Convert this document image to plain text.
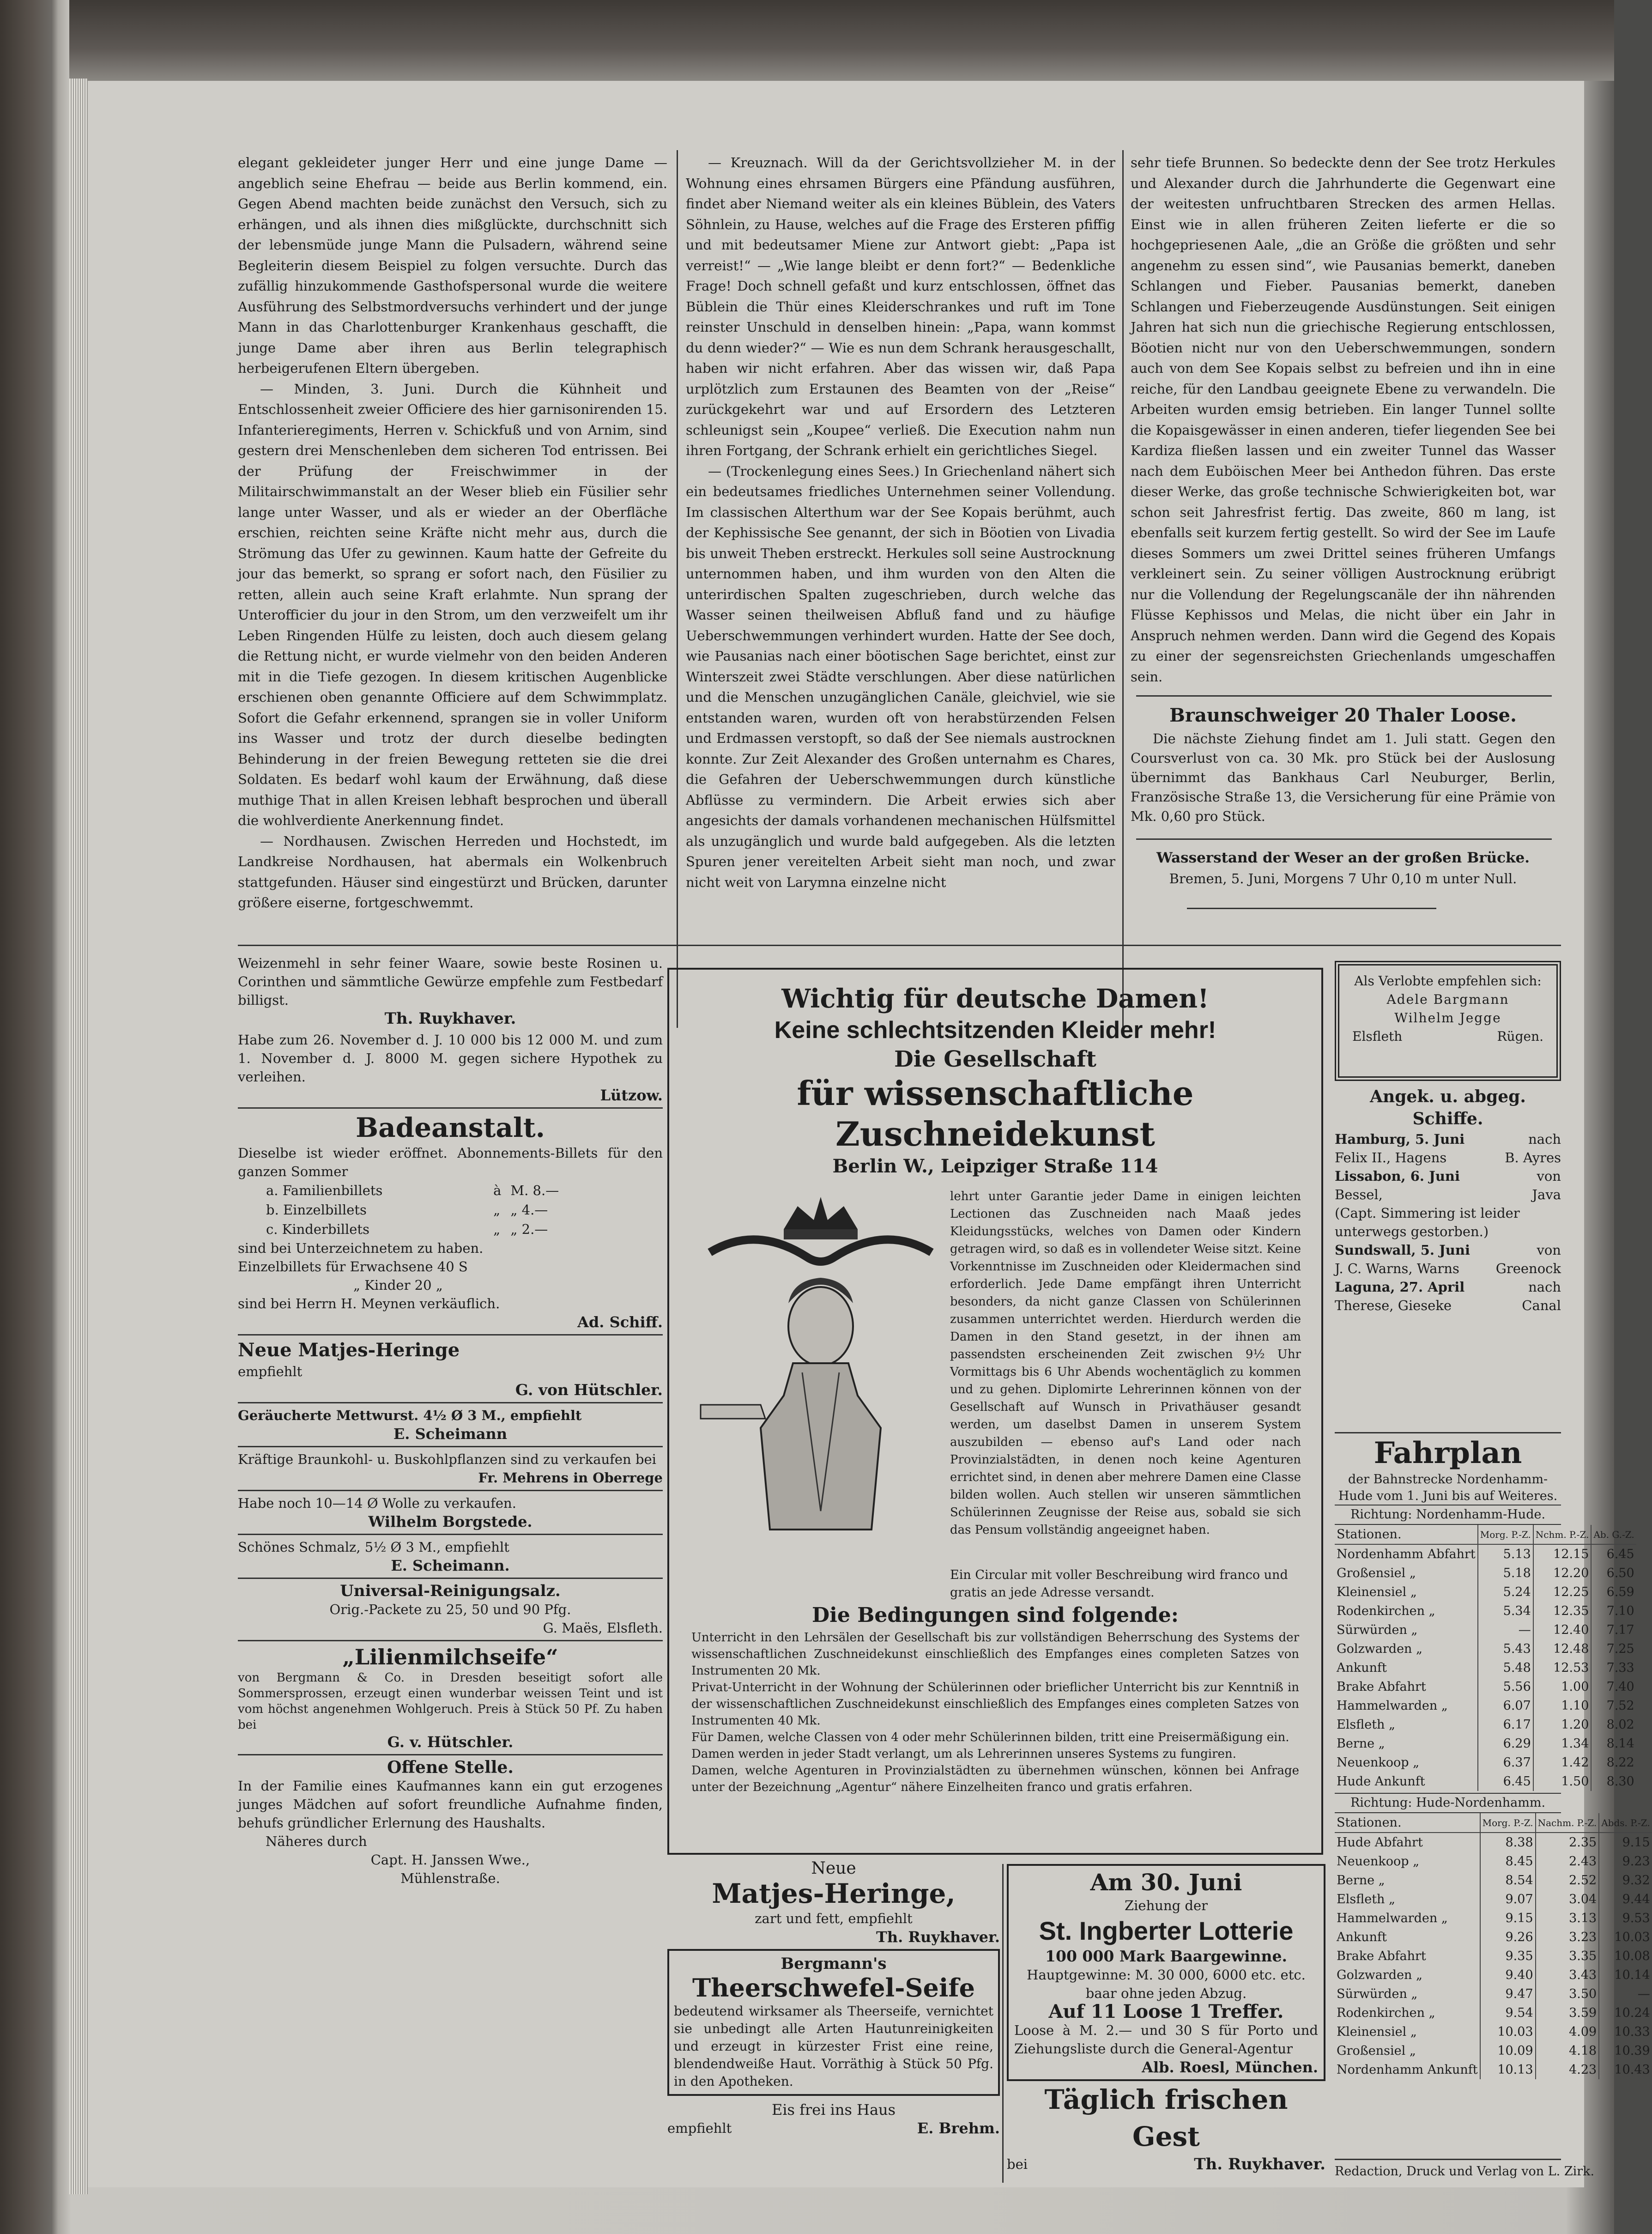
elegant gekleideter junger Herr und eine junge Dame — angeblich seine Ehefrau — beide aus Berlin kommend, ein. Gegen Abend machten beide zunächst den Versuch, sich zu erhängen, und als ihnen dies mißglückte, durchschnitt sich der lebensmüde junge Mann die Pulsadern, während seine Begleiterin diesem Beispiel zu folgen versuchte. Durch das zufällig hinzukommende Gasthofspersonal wurde die weitere Ausführung des Selbstmordversuchs verhindert und der junge Mann in das Charlottenburger Krankenhaus geschafft, die junge Dame aber ihren aus Berlin telegraphisch herbeigerufenen Eltern übergeben.

— Minden, 3. Juni. Durch die Kühnheit und Entschlossenheit zweier Officiere des hier garnisonirenden 15. Infanterieregiments, Herren v. Schickfuß und von Arnim, sind gestern drei Menschenleben dem sicheren Tod entrissen. Bei der Prüfung der Freischwimmer in der Militairschwimmanstalt an der Weser blieb ein Füsilier sehr lange unter Wasser, und als er wieder an der Oberfläche erschien, reichten seine Kräfte nicht mehr aus, durch die Strömung das Ufer zu gewinnen. Kaum hatte der Gefreite du jour das bemerkt, so sprang er sofort nach, den Füsilier zu retten, allein auch seine Kraft erlahmte. Nun sprang der Unterofficier du jour in den Strom, um den verzweifelt um ihr Leben Ringenden Hülfe zu leisten, doch auch diesem gelang die Rettung nicht, er wurde vielmehr von den beiden Anderen mit in die Tiefe gezogen. In diesem kritischen Augenblicke erschienen oben genannte Officiere auf dem Schwimmplatz. Sofort die Gefahr erkennend, sprangen sie in voller Uniform ins Wasser und trotz der durch dieselbe bedingten Behinderung in der freien Bewegung retteten sie die drei Soldaten. Es bedarf wohl kaum der Erwähnung, daß diese muthige That in allen Kreisen lebhaft besprochen und überall die wohlverdiente Anerkennung findet.

— Nordhausen. Zwischen Herreden und Hochstedt, im Landkreise Nordhausen, hat abermals ein Wolkenbruch stattgefunden. Häuser sind eingestürzt und Brücken, darunter größere eiserne, fortgeschwemmt.

— Kreuznach. Will da der Gerichtsvollzieher M. in der Wohnung eines ehrsamen Bürgers eine Pfändung ausführen, findet aber Niemand weiter als ein kleines Büblein, des Vaters Söhnlein, zu Hause, welches auf die Frage des Ersteren pfiffig und mit bedeutsamer Miene zur Antwort giebt: „Papa ist verreist!“ — „Wie lange bleibt er denn fort?“ — Bedenkliche Frage! Doch schnell gefaßt und kurz entschlossen, öffnet das Büblein die Thür eines Kleiderschrankes und ruft im Tone reinster Unschuld in denselben hinein: „Papa, wann kommst du denn wieder?“ — Wie es nun dem Schrank herausgeschallt, haben wir nicht erfahren. Aber das wissen wir, daß Papa urplötzlich zum Erstaunen des Beamten von der „Reise“ zurückgekehrt war und auf Ersordern des Letzteren schleunigst sein „Koupee“ verließ. Die Execution nahm nun ihren Fortgang, der Schrank erhielt ein gerichtliches Siegel.

— (Trockenlegung eines Sees.) In Griechenland nähert sich ein bedeutsames friedliches Unternehmen seiner Vollendung. Im classischen Alterthum war der See Kopais berühmt, auch der Kephissische See genannt, der sich in Böotien von Livadia bis unweit Theben erstreckt. Herkules soll seine Austrocknung unternommen haben, und ihm wurden von den Alten die unterirdischen Spalten zugeschrieben, durch welche das Wasser seinen theilweisen Abfluß fand und zu häufige Ueberschwemmungen verhindert wurden. Hatte der See doch, wie Pausanias nach einer böotischen Sage berichtet, einst zur Winterszeit zwei Städte verschlungen. Aber diese natürlichen und die Menschen unzugänglichen Canäle, gleichviel, wie sie entstanden waren, wurden oft von herabstürzenden Felsen und Erdmassen verstopft, so daß der See niemals austrocknen konnte. Zur Zeit Alexander des Großen unternahm es Chares, die Gefahren der Ueberschwemmungen durch künstliche Abflüsse zu vermindern. Die Arbeit erwies sich aber angesichts der damals vorhandenen mechanischen Hülfsmittel als unzugänglich und wurde bald aufgegeben. Als die letzten Spuren jener vereitelten Arbeit sieht man noch, und zwar nicht weit von Larymna einzelne nicht

sehr tiefe Brunnen. So bedeckte denn der See trotz Herkules und Alexander durch die Jahrhunderte die Gegenwart eine der weitesten unfruchtbaren Strecken des armen Hellas. Einst wie in allen früheren Zeiten lieferte er die so hochgepriesenen Aale, „die an Größe die größten und sehr angenehm zu essen sind“, wie Pausanias bemerkt, daneben Schlangen und Fieber. Pausanias bemerkt, daneben Schlangen und Fieberzeugende Ausdünstungen. Seit einigen Jahren hat sich nun die griechische Regierung entschlossen, Böotien nicht nur von den Ueberschwemmungen, sondern auch von dem See Kopais selbst zu befreien und ihn in eine reiche, für den Landbau geeignete Ebene zu verwandeln. Die Arbeiten wurden emsig betrieben. Ein langer Tunnel sollte die Kopaisgewässer in einen anderen, tiefer liegenden See bei Kardiza fließen lassen und ein zweiter Tunnel das Wasser nach dem Euböischen Meer bei Anthedon führen. Das erste dieser Werke, das große technische Schwierigkeiten bot, war schon seit Jahresfrist fertig. Das zweite, 860 m lang, ist ebenfalls seit kurzem fertig gestellt. So wird der See im Laufe dieses Sommers um zwei Drittel seines früheren Umfangs verkleinert sein. Zu seiner völligen Austrocknung erübrigt nur die Vollendung der Regelungscanäle der ihn nährenden Flüsse Kephissos und Melas, die nicht über ein Jahr in Anspruch nehmen werden. Dann wird die Gegend des Kopais zu einer der segensreichsten Griechenlands umgeschaffen sein.

Braunschweiger 20 Thaler Loose.

Die nächste Ziehung findet am 1. Juli statt. Gegen den Coursverlust von ca. 30 Mk. pro Stück bei der Auslosung übernimmt das Bankhaus Carl Neuburger, Berlin, Französische Straße 13, die Versicherung für eine Prämie von Mk. 0,60 pro Stück.

Wasserstand der Weser an der großen Brücke.
Bremen, 5. Juni, Morgens 7 Uhr 0,10 m unter Null.

Weizenmehl in sehr feiner Waare, sowie beste Rosinen u. Corinthen und sämmtliche Gewürze empfehle zum Festbedarf billigst.

Th. Ruykhaver.

Habe zum 26. November d. J. 10 000 bis 12 000 M. und zum 1. November d. J. 8000 M. gegen sichere Hypothek zu verleihen.

Lützow.
Badeanstalt.

Dieselbe ist wieder eröffnet. Abonnements-Billets für den ganzen Sommer

a. Familienbillets	à	M. 8.—
b. Einzelbillets	„	„ 4.—
c. Kinderbillets	„	„ 2.—
sind bei Unterzeichnetem zu haben.
Einzelbillets für Erwachsene 40 S
„ Kinder 20 „
sind bei Herrn H. Meynen verkäuflich.
Ad. Schiff.
Neue Matjes-Heringe
empfiehlt
G. von Hütschler.
Geräucherte Mettwurst. 4½ Ø 3 M., empfiehlt
E. Scheimann
Kräftige Braunkohl- u. Buskohlpflanzen sind zu verkaufen bei
Fr. Mehrens in Oberrege
Habe noch 10—14 Ø Wolle zu verkaufen.
Wilhelm Borgstede.
Schönes Schmalz, 5½ Ø 3 M., empfiehlt
E. Scheimann.
Universal-Reinigungsalz.
Orig.-Packete zu 25, 50 und 90 Pfg.
G. Maës, Elsfleth.
„Lilienmilchseife“
von Bergmann & Co. in Dresden beseitigt sofort alle Sommersprossen, erzeugt einen wunderbar weissen Teint und ist vom höchst angenehmen Wohlgeruch. Preis à Stück 50 Pf. Zu haben bei
G. v. Hütschler.
Offene Stelle.
In der Familie eines Kaufmannes kann ein gut erzogenes junges Mädchen auf sofort freundliche Aufnahme finden, behufs gründlicher Erlernung des Haushalts.
Näheres durch
Capt. H. Janssen Wwe.,
Mühlenstraße.
Wichtig für deutsche Damen!
Keine schlechtsitzenden Kleider mehr!
Die Gesellschaft
für wissenschaftliche Zuschneidekunst
Berlin W., Leipziger Straße 114
lehrt unter Garantie jeder Dame in einigen leichten Lectionen das Zuschneiden nach Maaß jedes Kleidungsstücks, welches von Damen oder Kindern getragen wird, so daß es in vollendeter Weise sitzt. Keine Vorkenntnisse im Zuschneiden oder Kleidermachen sind erforderlich. Jede Dame empfängt ihren Unterricht besonders, da nicht ganze Classen von Schülerinnen zusammen unterrichtet werden. Hierdurch werden die Damen in den Stand gesetzt, in der ihnen am passendsten erscheinenden Zeit zwischen 9½ Uhr Vormittags bis 6 Uhr Abends wochentäglich zu kommen und zu gehen. Diplomirte Lehrerinnen können von der Gesellschaft auf Wunsch in Privathäuser gesandt werden, um daselbst Damen in unserem System auszubilden — ebenso auf's Land oder nach Provinzialstädten, in denen noch keine Agenturen errichtet sind, in denen aber mehrere Damen eine Classe bilden wollen. Auch stellen wir unseren sämmtlichen Schülerinnen Zeugnisse der Reise aus, sobald sie sich das Pensum vollständig angeeignet haben.
Ein Circular mit voller Beschreibung wird franco und gratis an jede Adresse versandt.
Die Bedingungen sind folgende:
Unterricht in den Lehrsälen der Gesellschaft bis zur vollständigen Beherrschung des Systems der wissenschaftlichen Zuschneidekunst einschließlich des Empfanges eines completen Satzes von Instrumenten 20 Mk.
Privat-Unterricht in der Wohnung der Schülerinnen oder brieflicher Unterricht bis zur Kenntniß in der wissenschaftlichen Zuschneidekunst einschließlich des Empfanges eines completen Satzes von Instrumenten 40 Mk.
Für Damen, welche Classen von 4 oder mehr Schülerinnen bilden, tritt eine Preisermäßigung ein.
Damen werden in jeder Stadt verlangt, um als Lehrerinnen unseres Systems zu fungiren.
Damen, welche Agenturen in Provinzialstädten zu übernehmen wünschen, können bei Anfrage unter der Bezeichnung „Agentur“ nähere Einzelheiten franco und gratis erfahren.
Neue
Matjes-Heringe,
zart und fett, empfiehlt
Th. Ruykhaver.
Bergmann's
Theerschwefel-Seife
bedeutend wirksamer als Theerseife, vernichtet sie unbedingt alle Arten Hautunreinigkeiten und erzeugt in kürzester Frist eine reine, blendendweiße Haut. Vorräthig à Stück 50 Pfg. in den Apotheken.
Eis frei ins Haus
empfiehlt	E. Brehm.
Am 30. Juni
Ziehung der
St. Ingberter Lotterie
100 000 Mark Baargewinne.
Hauptgewinne: M. 30 000, 6000 etc. etc.
baar ohne jeden Abzug.
Auf 11 Loose 1 Treffer.
Loose à M. 2.— und 30 S für Porto und Ziehungsliste durch die General-Agentur
Alb. Roesl, München.
Täglich frischen Gest
bei	Th. Ruykhaver.
Als Verlobte empfehlen sich:
Adele Bargmann
Wilhelm Jegge
Elsfleth	Rügen.
Angek. u. abgeg. Schiffe.
Hamburg, 5. Juni	nach
Felix II., Hagens	B. Ayres
Lissabon, 6. Juni	von
Bessel,	Java
(Capt. Simmering ist leider unterwegs gestorben.)
Sundswall, 5. Juni	von
J. C. Warns, Warns	Greenock
Laguna, 27. April	nach
Therese, Gieseke	Canal
Fahrplan
der Bahnstrecke Nordenhamm-Hude vom 1. Juni bis auf Weiteres.
Richtung: Nordenhamm-Hude.
Stationen.	Morg. P.-Z.	Nchm. P.-Z.	Ab. G.-Z.
Nordenhamm Abfahrt	5.13	12.15	6.45
Großensiel „	5.18	12.20	6.50
Kleinensiel „	5.24	12.25	6.59
Rodenkirchen „	5.34	12.35	7.10
Sürwürden „	—	12.40	7.17
Golzwarden „	5.43	12.48	7.25
Ankunft	5.48	12.53	7.33
Brake Abfahrt	5.56	1.00	7.40
Hammelwarden „	6.07	1.10	7.52
Elsfleth „	6.17	1.20	8.02
Berne „	6.29	1.34	8.14
Neuenkoop „	6.37	1.42	8.22
Hude Ankunft	6.45	1.50	8.30
Richtung: Hude-Nordenhamm.
Stationen.	Morg. P.-Z.	Nachm. P.-Z.	Abds. P.-Z.
Hude Abfahrt	8.38	2.35	9.15
Neuenkoop „	8.45	2.43	9.23
Berne „	8.54	2.52	9.32
Elsfleth „	9.07	3.04	9.44
Hammelwarden „	9.15	3.13	9.53
Ankunft	9.26	3.23	10.03
Brake Abfahrt	9.35	3.35	10.08
Golzwarden „	9.40	3.43	10.14
Sürwürden „	9.47	3.50	—
Rodenkirchen „	9.54	3.59	10.24
Kleinensiel „	10.03	4.09	10.33
Großensiel „	10.09	4.18	10.39
Nordenhamm Ankunft	10.13	4.23	10.43
Redaction, Druck und Verlag von L. Zirk.
